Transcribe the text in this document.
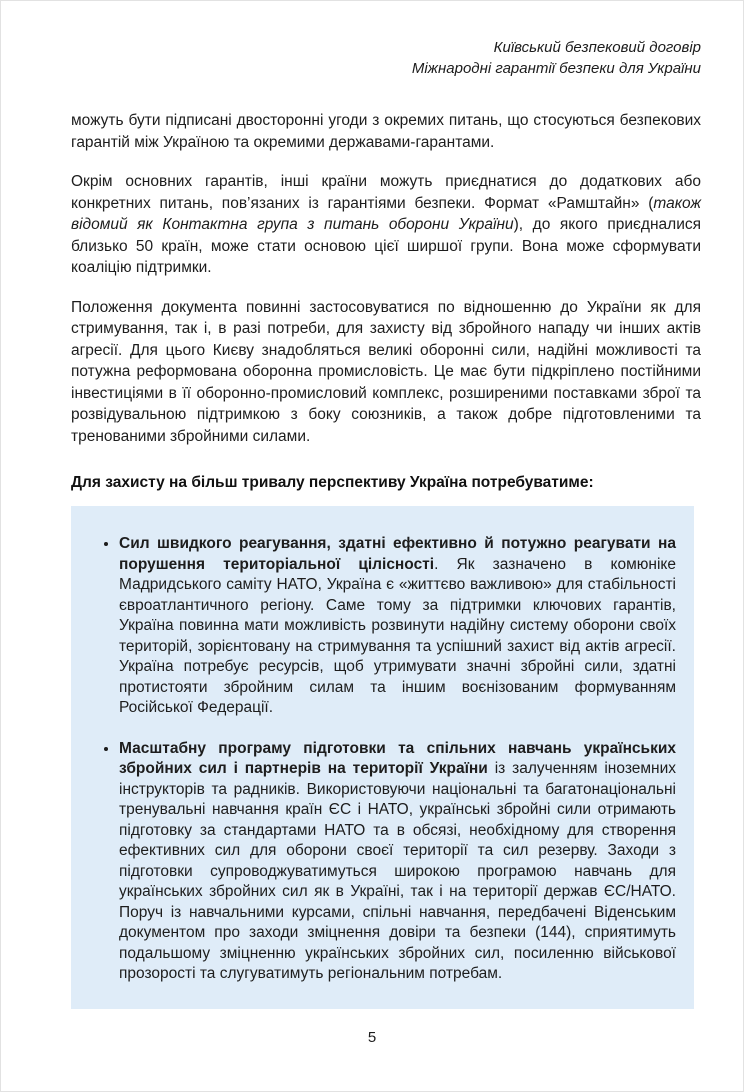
Київський безпековий договір
Міжнародні гарантії безпеки для України
можуть бути підписані двосторонні угоди з окремих питань, що стосуються безпекових гарантій між Україною та окремими державами-гарантами.
Окрім основних гарантів, інші країни можуть приєднатися до додаткових або конкретних питань, пов’язаних із гарантіями безпеки. Формат «Рамштайн» (також відомий як Контактна група з питань оборони України), до якого приєдналися близько 50 країн, може стати основою цієї ширшої групи. Вона може сформувати коаліцію підтримки.
Положення документа повинні застосовуватися по відношенню до України як для стримування, так і, в разі потреби, для захисту від збройного нападу чи інших актів агресії. Для цього Києву знадобляться великі оборонні сили, надійні можливості та потужна реформована оборонна промисловість. Це має бути підкріплено постійними інвестиціями в її оборонно-промисловий комплекс, розширеними поставками зброї та розвідувальною підтримкою з боку союзників, а також добре підготовленими та тренованими збройними силами.
Для захисту на більш тривалу перспективу Україна потребуватиме:
• Сил швидкого реагування, здатні ефективно й потужно реагувати на порушення територіальної цілісності. Як зазначено в комюніке Мадридського саміту НАТО, Україна є «життєво важливою» для стабільності євроатлантичного регіону. Саме тому за підтримки ключових гарантів, Україна повинна мати можливість розвинути надійну систему оборони своїх територій, зорієнтовану на стримування та успішний захист від актів агресії. Україна потребує ресурсів, щоб утримувати значні збройні сили, здатні протистояти збройним силам та іншим воєнізованим формуванням Російської Федерації.
• Масштабну програму підготовки та спільних навчань українських збройних сил і партнерів на території України із залученням іноземних інструкторів та радників. Використовуючи національні та багатонаціональні тренувальні навчання країн ЄС і НАТО, українські збройні сили отримають підготовку за стандартами НАТО та в обсязі, необхідному для створення ефективних сил для оборони своєї території та сил резерву. Заходи з підготовки супроводжуватимуться широкою програмою навчань для українських збройних сил як в Україні, так і на території держав ЄС/НАТО. Поруч із навчальними курсами, спільні навчання, передбачені Віденським документом про заходи зміцнення довіри та безпеки (144), сприятимуть подальшому зміцненню українських збройних сил, посиленню військової прозорості та слугуватимуть регіональним потребам.
5
